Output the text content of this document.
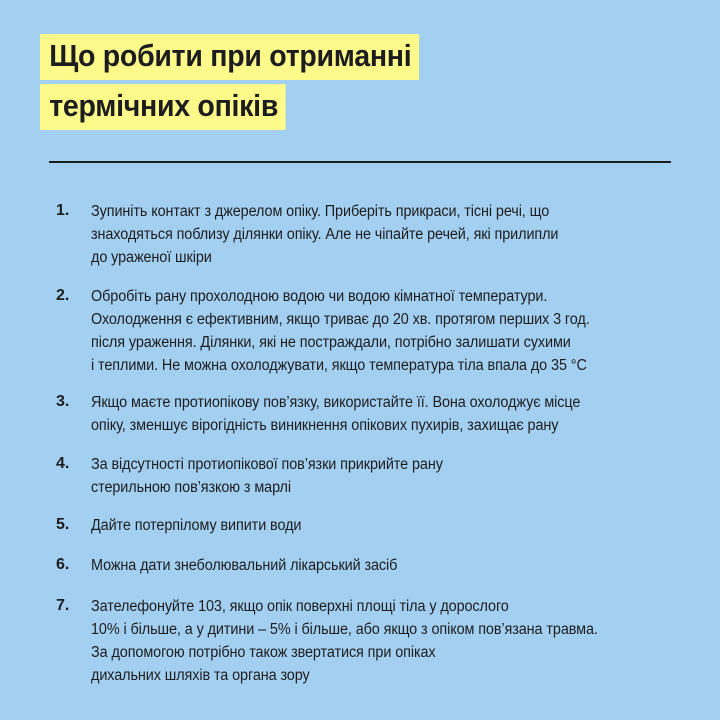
Що робити при отриманні
термічних опіків
1.	Зупиніть контакт з джерелом опіку. Приберіть прикраси, тісні речі, що
знаходяться поблизу ділянки опіку. Але не чіпайте речей, які прилипли
до ураженої шкіри
2.	Обробіть рану прохолодною водою чи водою кімнатної температури.
Охолодження є ефективним, якщо триває до 20 хв. протягом перших 3 год.
після ураження. Ділянки, які не постраждали, потрібно залишати сухими
і теплими. Не можна охолоджувати, якщо температура тіла впала до 35 °C
3.	Якщо маєте протиопікову пов’язку, використайте її. Вона охолоджує місце
опіку, зменшує вірогідність виникнення опікових пухирів, захищає рану
4.	За відсутності протиопікової пов’язки прикрийте рану
стерильною пов’язкою з марлі
5.	Дайте потерпілому випити води
6.	Можна дати знеболювальний лікарський засіб
7.	Зателефонуйте 103, якщо опік поверхні площі тіла у дорослого
10% і більше, а у дитини – 5% і більше, або якщо з опіком пов’язана травма.
За допомогою потрібно також звертатися при опіках
дихальних шляхів та органа зору
